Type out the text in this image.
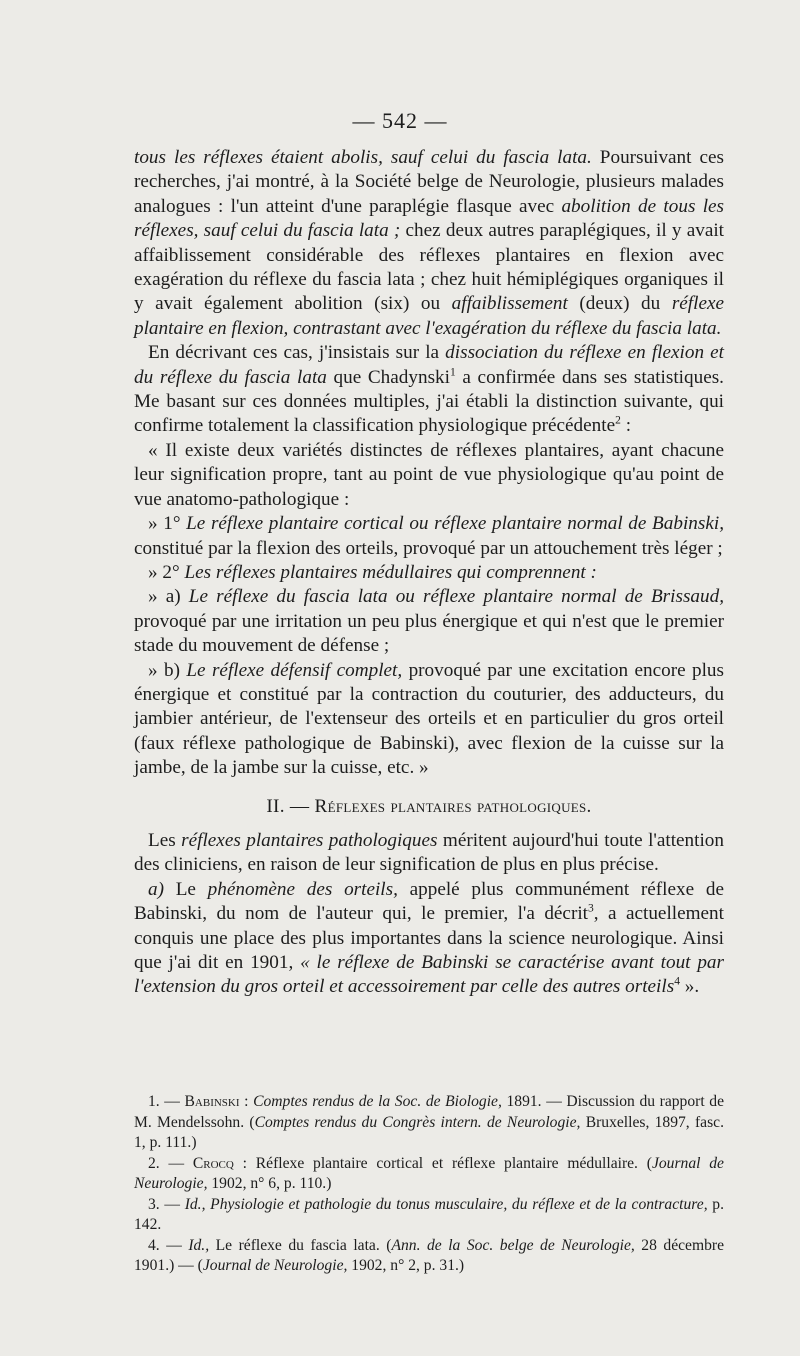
— 542 —

tous les réflexes étaient abolis, sauf celui du fascia lata. Poursuivant ces recherches, j'ai montré, à la Société belge de Neurologie, plusieurs malades analogues : l'un atteint d'une paraplégie flasque avec abolition de tous les réflexes, sauf celui du fascia lata ; chez deux autres paraplégiques, il y avait affaiblissement considérable des réflexes plantaires en flexion avec exagération du réflexe du fascia lata ; chez huit hémiplégiques organiques il y avait également abolition (six) ou affaiblissement (deux) du réflexe plantaire en flexion, contrastant avec l'exagération du réflexe du fascia lata.

En décrivant ces cas, j'insistais sur la dissociation du réflexe en flexion et du réflexe du fascia lata que Chadynski$^1$ a confirmée dans ses statistiques. Me basant sur ces données multiples, j'ai établi la distinction suivante, qui confirme totalement la classification physiologique précédente$^2$ :

« Il existe deux variétés distinctes de réflexes plantaires, ayant chacune leur signification propre, tant au point de vue physiologique qu'au point de vue anatomo-pathologique :

» 1° Le réflexe plantaire cortical ou réflexe plantaire normal de Babinski, constitué par la flexion des orteils, provoqué par un attouchement très léger ;

» 2° Les réflexes plantaires médullaires qui comprennent :

» a) Le réflexe du fascia lata ou réflexe plantaire normal de Brissaud, provoqué par une irritation un peu plus énergique et qui n'est que le premier stade du mouvement de défense ;

» b) Le réflexe défensif complet, provoqué par une excitation encore plus énergique et constitué par la contraction du couturier, des adducteurs, du jambier antérieur, de l'extenseur des orteils et en particulier du gros orteil (faux réflexe pathologique de Babinski), avec flexion de la cuisse sur la jambe, de la jambe sur la cuisse, etc. »

II. — Réflexes plantaires pathologiques.

Les réflexes plantaires pathologiques méritent aujourd'hui toute l'attention des cliniciens, en raison de leur signification de plus en plus précise.

a) Le phénomène des orteils, appelé plus communément réflexe de Babinski, du nom de l'auteur qui, le premier, l'a décrit$^3$, a actuellement conquis une place des plus importantes dans la science neurologique. Ainsi que j'ai dit en 1901, « le réflexe de Babinski se caractérise avant tout par l'extension du gros orteil et accessoirement par celle des autres orteils$^4$ ».

1. — Babinski : Comptes rendus de la Soc. de Biologie, 1891. — Discussion du rapport de M. Mendelssohn. (Comptes rendus du Congrès intern. de Neurologie, Bruxelles, 1897, fasc. 1, p. 111.)

2. — Crocq : Réflexe plantaire cortical et réflexe plantaire médullaire. (Journal de Neurologie, 1902, n° 6, p. 110.)

3. — Id., Physiologie et pathologie du tonus musculaire, du réflexe et de la contracture, p. 142.

4. — Id., Le réflexe du fascia lata. (Ann. de la Soc. belge de Neurologie, 28 décembre 1901.) — (Journal de Neurologie, 1902, n° 2, p. 31.)
